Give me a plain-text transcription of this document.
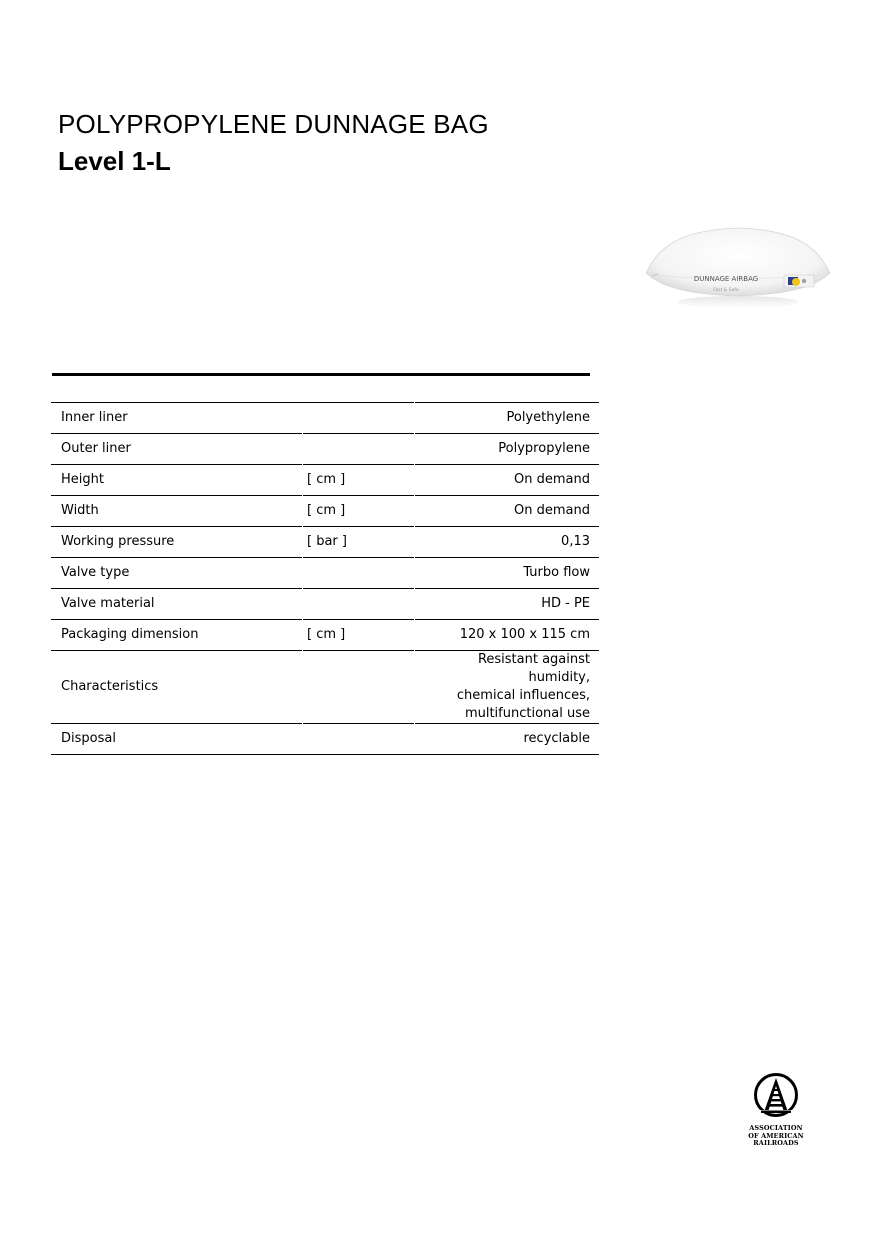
POLYPROPYLENE DUNNAGE BAG
Level 1-L
DUNNAGE AIRBAG
Fast & Safe
Inner liner		Polyethylene
Outer liner		Polypropylene
Height	[ cm ]	On demand
Width	[ cm ]	On demand
Working pressure	[ bar ]	0,13
Valve type		Turbo flow
Valve material		HD - PE
Packaging dimension	[ cm ]	120 x 100 x 115 cm
Characteristics		Resistant against humidity,
chemical influences,
multifunctional use

Disposal		recyclable
ASSOCIATION
OF AMERICAN
RAILROADS
